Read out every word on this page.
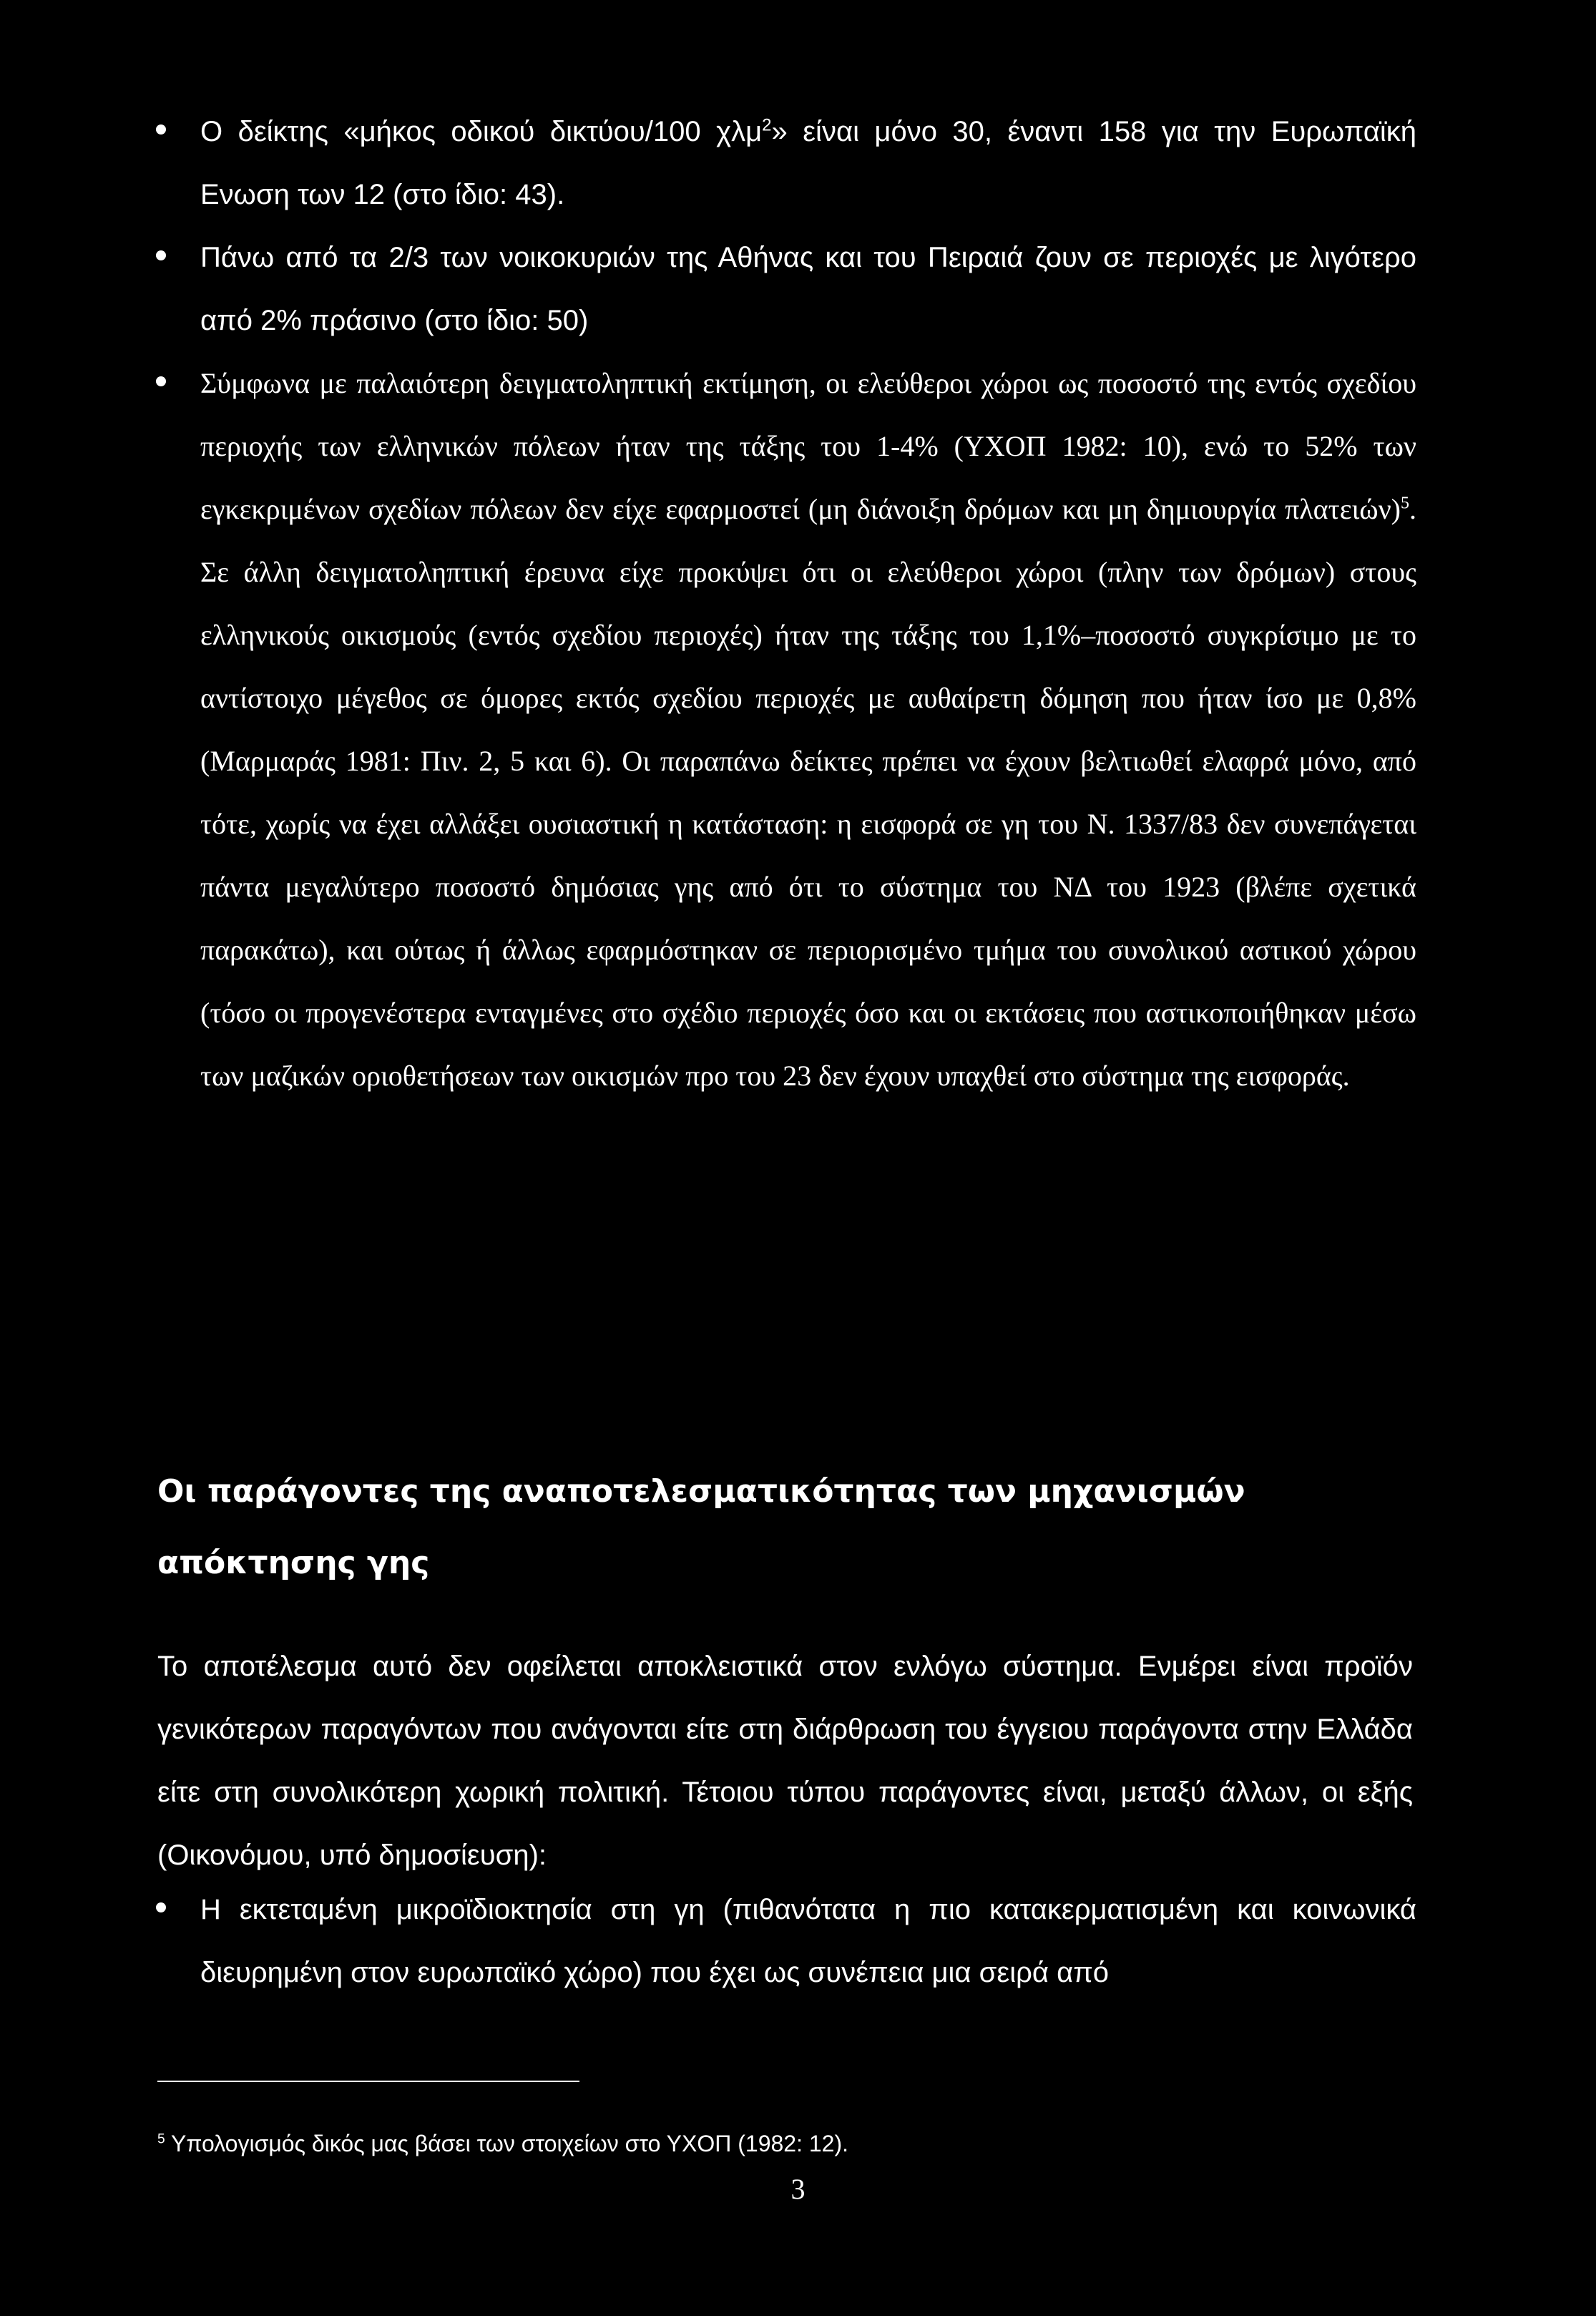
Ο δείκτης «μήκος οδικού δικτύου/100 χλμ$^2$» είναι μόνο 30, έναντι 158 για την Ευρωπαϊκή Ενωση των 12 (στο ίδιο: 43).
Πάνω από τα 2/3 των νοικοκυριών της Αθήνας και του Πειραιά ζουν σε περιοχές με λιγότερο από 2% πράσινο (στο ίδιο: 50)
Σύμφωνα με παλαιότερη δειγματοληπτική εκτίμηση, οι ελεύθεροι χώροι ως ποσοστό της εντός σχεδίου περιοχής των ελληνικών πόλεων ήταν της τάξης του 1-4% (ΥΧΟΠ 1982: 10), ενώ το 52% των εγκεκριμένων σχεδίων πόλεων δεν είχε εφαρμοστεί (μη διάνοιξη δρόμων και μη δημιουργία πλατειών)$^5$. Σε άλλη δειγματοληπτική έρευνα είχε προκύψει ότι οι ελεύθεροι χώροι (πλην των δρόμων) στους ελληνικούς οικισμούς (εντός σχεδίου περιοχές) ήταν της τάξης του 1,1%–ποσοστό συγκρίσιμο με το αντίστοιχο μέγεθος σε όμορες εκτός σχεδίου περιοχές με αυθαίρετη δόμηση που ήταν ίσο με 0,8% (Μαρμαράς 1981: Πιν. 2, 5 και 6). Οι παραπάνω δείκτες πρέπει να έχουν βελτιωθεί ελαφρά μόνο, από τότε, χωρίς να έχει αλλάξει ουσιαστική η κατάσταση: η εισφορά σε γη του Ν. 1337/83 δεν συνεπάγεται πάντα μεγαλύτερο ποσοστό δημόσιας γης από ότι το σύστημα του ΝΔ του 1923 (βλέπε σχετικά παρακάτω), και ούτως ή άλλως εφαρμόστηκαν σε περιορισμένο τμήμα του συνολικού αστικού χώρου (τόσο οι προγενέστερα ενταγμένες στο σχέδιο περιοχές όσο και οι εκτάσεις που αστικοποιήθηκαν μέσω των μαζικών οριοθετήσεων των οικισμών προ του 23 δεν έχουν υπαχθεί στο σύστημα της εισφοράς.
Οι παράγοντες της αναποτελεσματικότητας των μηχανισμών απόκτησης γης

Το αποτέλεσμα αυτό δεν οφείλεται αποκλειστικά στον ενλόγω σύστημα. Ενμέρει είναι προϊόν γενικότερων παραγόντων που ανάγονται είτε στη διάρθρωση του έγγειου παράγοντα στην Ελλάδα είτε στη συνολικότερη χωρική πολιτική. Τέτοιου τύπου παράγοντες είναι, μεταξύ άλλων, οι εξής (Οικονόμου, υπό δημοσίευση):

Η εκτεταμένη μικροϊδιοκτησία στη γη (πιθανότατα η πιο κατακερματισμένη και κοινωνικά διευρημένη στον ευρωπαϊκό χώρο) που έχει ως συνέπεια μια σειρά από
$^5$ Υπολογισμός δικός μας βάσει των στοιχείων στο ΥΧΟΠ (1982: 12).
3
